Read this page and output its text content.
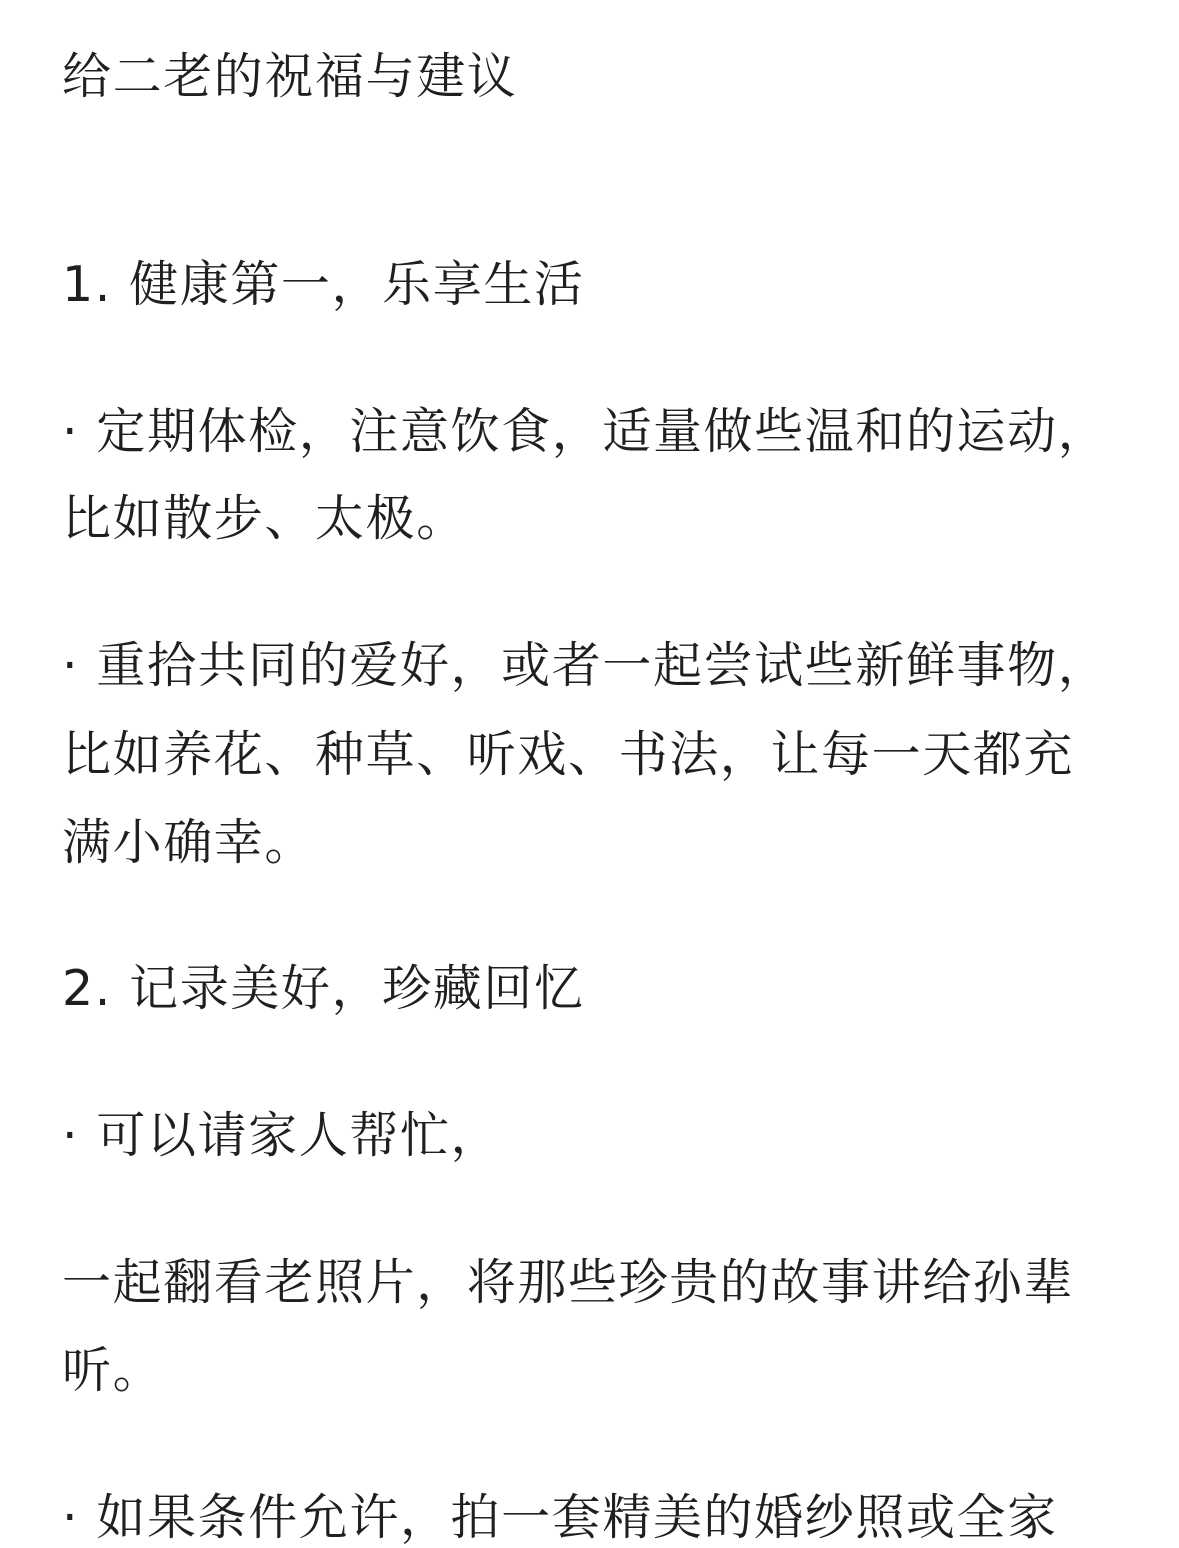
给二老的祝福与建议
1. 健康第一，乐享生活
· 定期体检，注意饮食，适量做些温和的运动，
比如散步、太极。
· 重拾共同的爱好，或者一起尝试些新鲜事物，
比如养花、种草、听戏、书法，让每一天都充
满小确幸。
2. 记录美好，珍藏回忆
· 可以请家人帮忙，
一起翻看老照片，将那些珍贵的故事讲给孙辈
听。
· 如果条件允许，拍一套精美的婚纱照或全家
